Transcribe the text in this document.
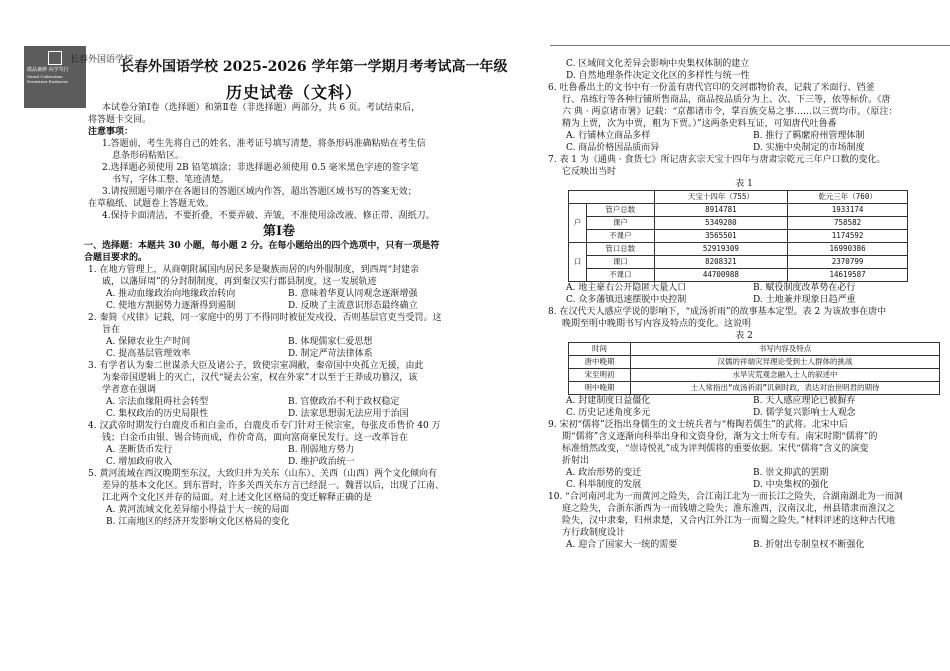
做品兼修 向学笃行
Moral Cultivation Persistent Endeavor
长春外国语学校
长春外国语学校 2025-2026 学年第一学期月考考试高一年级
历史试卷（文科）

本试卷分第Ⅰ卷（选择题）和第Ⅱ卷（非选择题）两部分，共 6 页。考试结束后，

将答题卡交回。

注意事项：

1.答题前，考生先将自己的姓名、准考证号填写清楚，将条形码准确粘贴在考生信

息条形码粘贴区。

2.选择题必须使用 2B 铅笔填涂；非选择题必须使用 0.5 毫米黑色字迹的签字笔

书写，字体工整、笔迹清楚。

3.请按照题号顺序在各题目的答题区域内作答，超出答题区域书写的答案无效；

在草稿纸、试题卷上答题无效。

4.保持卡面清洁，不要折叠，不要弄破、弄皱，不准使用涂改液、修正带、刮纸刀。

第Ⅰ卷

一、选择题：本题共 30 小题，每小题 2 分。在每小题给出的四个选项中，只有一项是符

合题目要求的。

1. 在地方管理上，从商朝附属国内居民多是聚族而居的内外服制度，到西周“封建亲

戚，以藩屏周”的分封制制度，再到秦汉实行郡县制度，这一发展轨迹

A. 推动血缘政治向地缘政治转向	B. 意味着华夏认同观念逐渐增强

C. 使地方割据势力逐渐得到遏制	D. 反映了主流意识形态最终确立

2. 秦简《戍律》记载，同一家庭中的男丁不得同时被征发戍役，否则基层官吏当受罚。这

旨在

A. 保障农业生产时间	B. 体现儒家仁爱思想

C. 提高基层管理效率	D. 制定严苛法律体系

3. 有学者认为秦二世谋杀大臣及诸公子，致使宗室凋敝，秦帝国中央孤立无援，由此

为秦帝国逻辑上的灭亡，汉代“疑去公室，权在外家”才以至于王莽成功篡汉，该

学者意在强调

A. 宗法血缘阻碍社会转型	B. 官僚政治不利于政权稳定

C. 集权政治的历史局限性	D. 法家思想弱无法应用于治国

4. 汉武帝时期发行白鹿皮币和白金币，白鹿皮币专门针对王侯宗室，每张皮币售价 40 万

钱；白金币由银、锡合铸而成，作价奇高，面向富商豪民发行。这一改革旨在

A. 垄断货币发行	B. 削弱地方势力

C. 增加政府收入	D. 维护政治统一

5. 黄河流域在西汉晚期至东汉，大致归并为关东（山东）、关西（山西）两个文化倾向有

差异的基本文化区。到东晋时，许多关西关东方言已经混一。魏晋以后，出现了江南、

江北两个文化区并存的局面。对上述文化区格局的变迁解释正确的是

A. 黄河流域文化差异缩小得益于大一统的局面

B. 江南地区的经济开发影响文化区格局的变化

C. 区域间文化差异会影响中央集权体制的建立

D. 自然地理条件决定文化区的多样性与统一性

6. 吐鲁番出土的文书中有一份盖有唐代官印的交河郡物价表，记载了米面行、铛釜

行、帛练行等各种行铺所售商品，商品按品质分为上、次、下三等，依等标价。《唐

六 典 · 两京诸市署》记载：“京都诸市令，掌百族交易之事……以三贾均市。（原注：

精为上贾，次为中贾，粗为下贾。）”这两条史料互证，可知唐代吐鲁番

A. 行铺林立商品多样	B. 推行了羁縻府州管理体制

C. 商品价格因品质而异	D. 实施中央制定的市场制度

7. 表 1 为《通典 · 食货七》所记唐玄宗天宝十四年与唐肃宗乾元三年户口数的变化。

它反映出当时

表 1

		天宝十四年（755）	乾元三年（760）
户	管户总数	8914781	1933174
	课户	5349280	758582
	不课户	3565501	1174592
口	管口总数	52919309	16990386
	课口	8208321	2370799
	不课口	44700988	14619587

A. 地主豪右公开隐匿大量人口	B. 赋役制度改革势在必行

C. 众多藩镇迅速摆脱中央控制	D. 土地兼并现象日趋严重

8. 在汉代天人感应学说的影响下，“成汤祈雨”的故事基本定型。表 2 为该故事在唐中

晚期至明中晚期书写内容及特点的变化。这说明

表 2

时间	书写内容及特点
唐中晚期	汉儒的祥瑞灾异理论受到士人群体的挑战
宋至明初	水旱灾荒观念融入士人的叙述中
明中晚期	士人常指出“成汤祈雨”讥刺时政，表达对治世明君的期待

A. 封建制度日益僵化	B. 天人感应理论已被摒弃

C. 历史记述角度多元	D. 儒学复兴影响士人观念

9. 宋初“儒将”泛指出身儒生的文士统兵者与“梅陶若儒生”的武将。北宋中后

期“儒将”含义逐渐向科举出身和文资身份，渐为文士所专有。南宋时期“儒将”的

标准悄然改变，“崇诗悦礼”成为评判儒将的重要依据。宋代“儒将”含义的演变

折射出

A. 政治形势的变迁	B. 崇文抑武的罢期

C. 科举制度的发展	D. 中央集权的强化

10. “合河南河北为一而黄河之险失，合江南江北为一而长江之险失，合湖南湖北为一而洞

庭之险失，合浙东浙西为一而钱塘之险失；淮东淮西，汉南汉北，州县错隶而淮汉之

险失，汉中隶秦，归州隶楚，又合内江外江为一而蜀之险失。”材料评述的这种古代地

方行政制度设计

A. 迎合了国家大一统的需要	B. 折射出专制皇权不断强化
